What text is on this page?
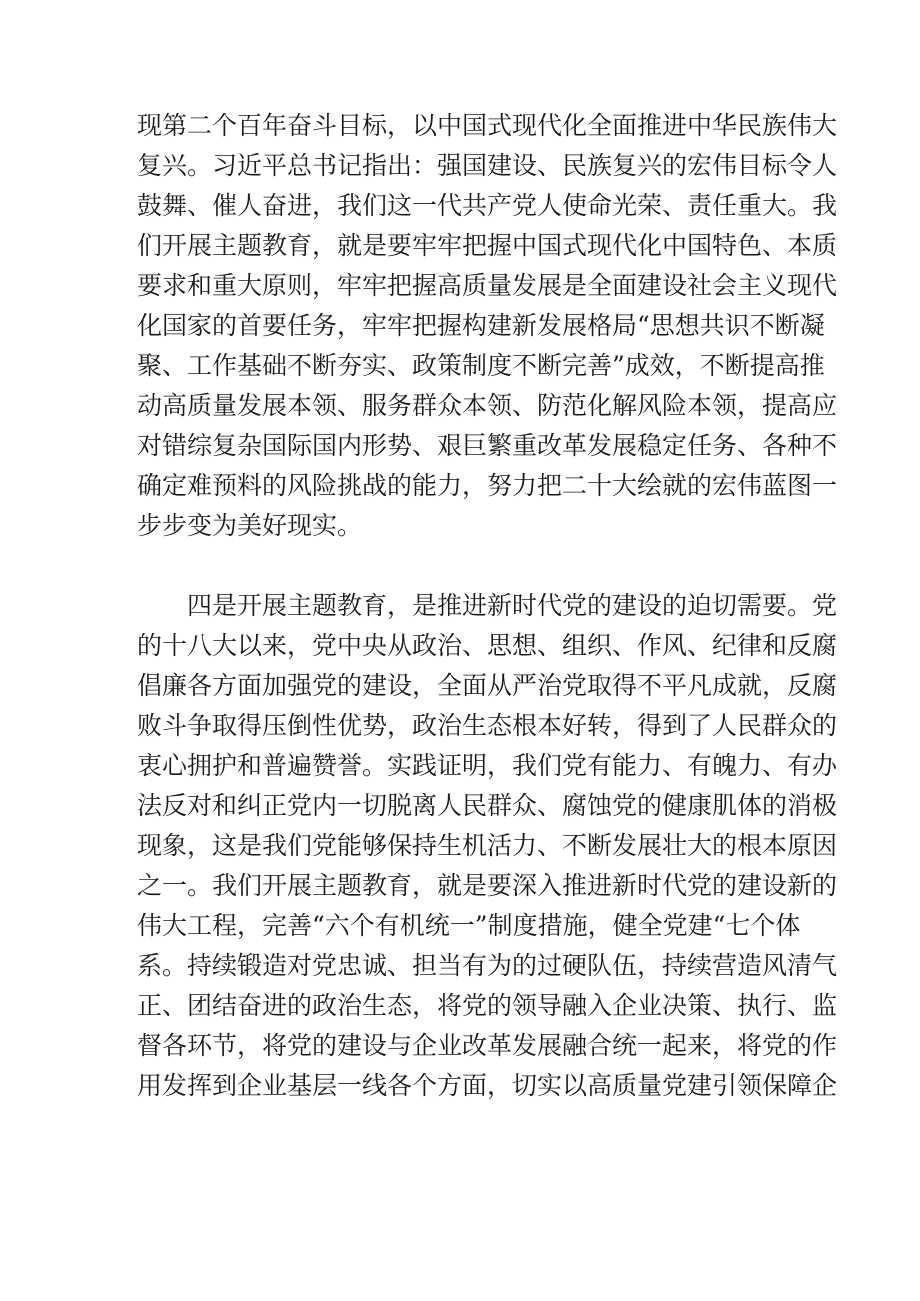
现第二个百年奋斗目标，以中国式现代化全面推进中华民族伟大
复兴。习近平总书记指出：强国建设、民族复兴的宏伟目标令人
鼓舞、催人奋进，我们这一代共产党人使命光荣、责任重大。我
们开展主题教育，就是要牢牢把握中国式现代化中国特色、本质
要求和重大原则，牢牢把握高质量发展是全面建设社会主义现代
化国家的首要任务，牢牢把握构建新发展格局“思想共识不断凝
聚、工作基础不断夯实、政策制度不断完善”成效，不断提高推
动高质量发展本领、服务群众本领、防范化解风险本领，提高应
对错综复杂国际国内形势、艰巨繁重改革发展稳定任务、各种不
确定难预料的风险挑战的能力，努力把二十大绘就的宏伟蓝图一
步步变为美好现实。
四是开展主题教育，是推进新时代党的建设的迫切需要。党
的十八大以来，党中央从政治、思想、组织、作风、纪律和反腐
倡廉各方面加强党的建设，全面从严治党取得不平凡成就，反腐
败斗争取得压倒性优势，政治生态根本好转，得到了人民群众的
衷心拥护和普遍赞誉。实践证明，我们党有能力、有魄力、有办
法反对和纠正党内一切脱离人民群众、腐蚀党的健康肌体的消极
现象，这是我们党能够保持生机活力、不断发展壮大的根本原因
之一。我们开展主题教育，就是要深入推进新时代党的建设新的
伟大工程，完善“六个有机统一”制度措施，健全党建“七个体
系。持续锻造对党忠诚、担当有为的过硬队伍，持续营造风清气
正、团结奋进的政治生态，将党的领导融入企业决策、执行、监
督各环节，将党的建设与企业改革发展融合统一起来，将党的作
用发挥到企业基层一线各个方面，切实以高质量党建引领保障企
